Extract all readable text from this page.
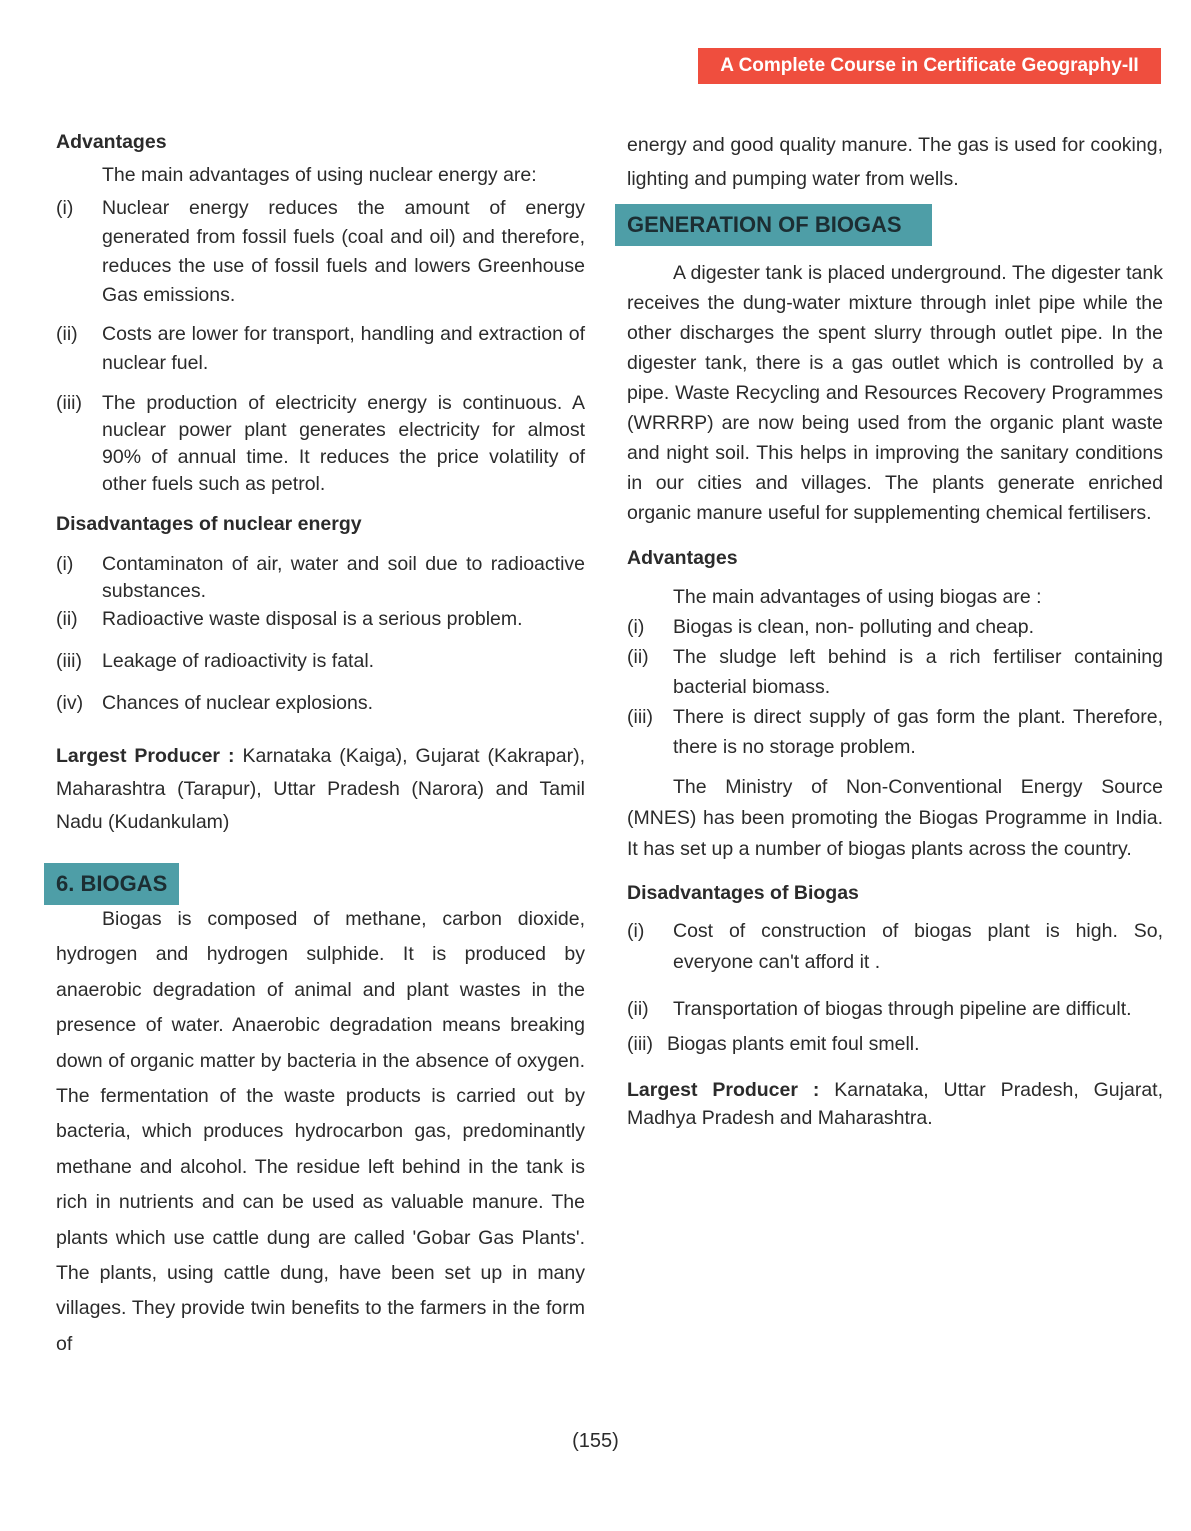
A Complete Course in Certificate Geography-II

Advantages

The main advantages of using nuclear energy are:

(i)	Nuclear energy reduces the amount of energy generated from fossil fuels (coal and oil) and therefore, reduces the use of fossil fuels and lowers Greenhouse Gas emissions.
(ii)	Costs are lower for transport, handling and extraction of nuclear fuel.
(iii)	The production of electricity energy is continuous. A nuclear power plant generates electricity for almost 90% of annual time. It reduces the price volatility of other fuels such as petrol.

Disadvantages of nuclear energy

(i)	Contaminaton of air, water and soil due to radioactive substances.
(ii)	Radioactive waste disposal is a serious problem.
(iii)	Leakage of radioactivity is fatal.
(iv) Chances of nuclear explosions.

Largest Producer : Karnataka (Kaiga), Gujarat (Kakrapar), Maharashtra (Tarapur), Uttar Pradesh (Narora) and Tamil Nadu (Kudankulam)

6. BIOGAS

Biogas is composed of methane, carbon dioxide, hydrogen and hydrogen sulphide. It is produced by anaerobic degradation of animal and plant wastes in the presence of water. Anaerobic degradation means breaking down of organic matter by bacteria in the absence of oxygen. The fermentation of the waste products is carried out by bacteria, which produces hydrocarbon gas, predominantly methane and alcohol. The residue left behind in the tank is rich in nutrients and can be used as valuable manure. The plants which use cattle dung are called 'Gobar Gas Plants'. The plants, using cattle dung, have been set up in many villages. They provide twin benefits to the farmers in the form of

energy and good quality manure. The gas is used for cooking, lighting and pumping water from wells.

GENERATION OF BIOGAS

A digester tank is placed underground. The digester tank receives the dung-water mixture through inlet pipe while the other discharges the spent slurry through outlet pipe. In the digester tank, there is a gas outlet which is controlled by a pipe. Waste Recycling and Resources Recovery Programmes (WRRRP) are now being used from the organic plant waste and night soil. This helps in improving the sanitary conditions in our cities and villages. The plants generate enriched organic manure useful for supplementing chemical fertilisers.

Advantages

The main advantages of using biogas are :

(i)	Biogas is clean, non- polluting and cheap.
(ii)	The sludge left behind is a rich fertiliser containing bacterial biomass.
(iii)	There is direct supply of gas form the plant. Therefore, there is no storage problem.

The Ministry of Non-Conventional Energy Source (MNES) has been promoting the Biogas Programme in India. It has set up a number of biogas plants across the country.

Disadvantages of Biogas

(i)	Cost of construction of biogas plant is high. So, everyone can't afford it .
(ii)	Transportation of biogas through pipeline are difficult.
(iii) Biogas plants emit foul smell.

Largest Producer : Karnataka, Uttar Pradesh, Gujarat, Madhya Pradesh and Maharashtra.

(155)
